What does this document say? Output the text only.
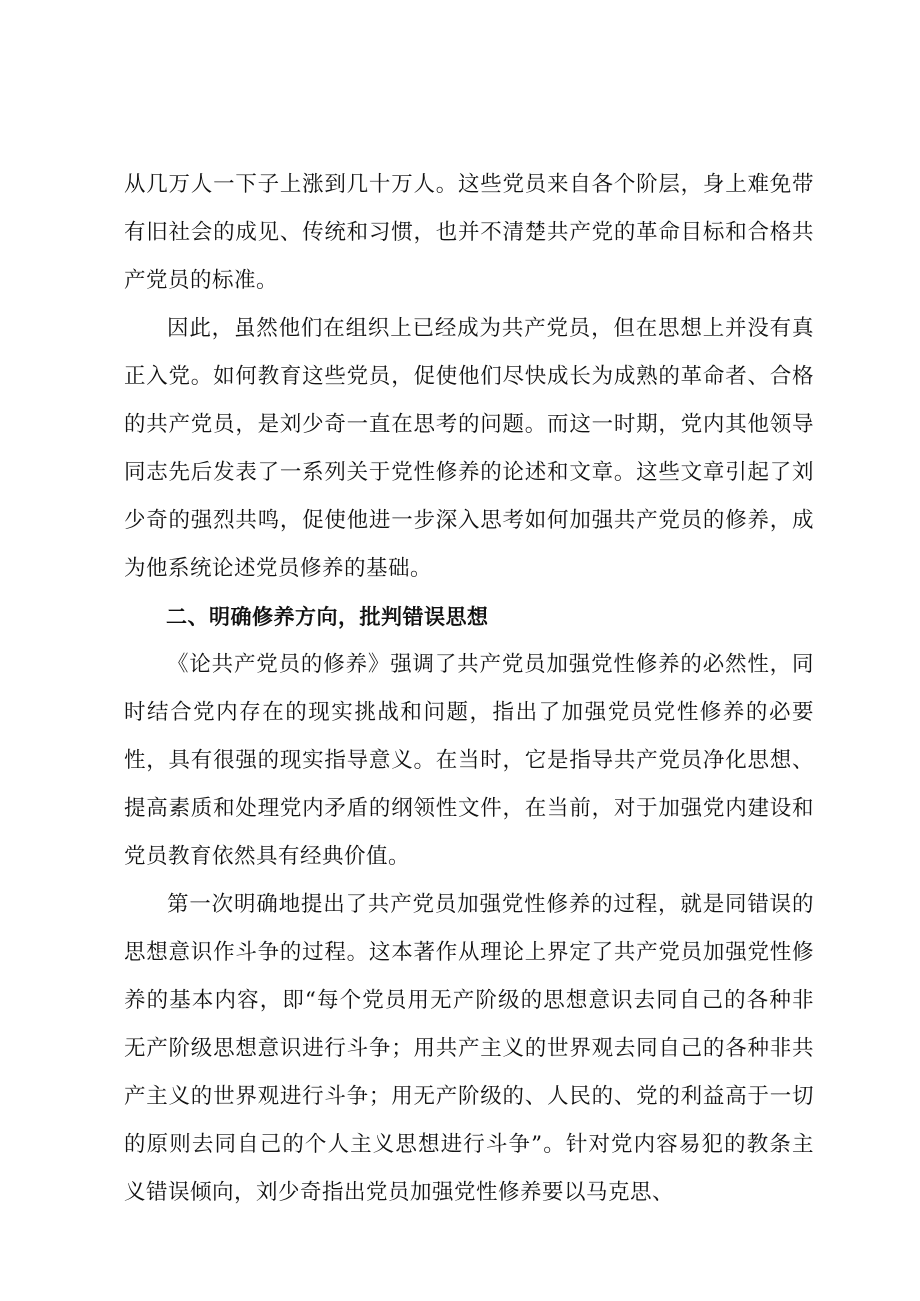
从几万人一下子上涨到几十万人。这些党员来自各个阶层，身上难免带有旧社会的成见、传统和习惯，也并不清楚共产党的革命目标和合格共产党员的标准。

因此，虽然他们在组织上已经成为共产党员，但在思想上并没有真正入党。如何教育这些党员，促使他们尽快成长为成熟的革命者、合格的共产党员，是刘少奇一直在思考的问题。而这一时期，党内其他领导同志先后发表了一系列关于党性修养的论述和文章。这些文章引起了刘少奇的强烈共鸣，促使他进一步深入思考如何加强共产党员的修养，成为他系统论述党员修养的基础。

二、明确修养方向，批判错误思想

《论共产党员的修养》强调了共产党员加强党性修养的必然性，同时结合党内存在的现实挑战和问题，指出了加强党员党性修养的必要性，具有很强的现实指导意义。在当时，它是指导共产党员净化思想、提高素质和处理党内矛盾的纲领性文件，在当前，对于加强党内建设和党员教育依然具有经典价值。

第一次明确地提出了共产党员加强党性修养的过程，就是同错误的思想意识作斗争的过程。这本著作从理论上界定了共产党员加强党性修养的基本内容，即“每个党员用无产阶级的思想意识去同自己的各种非无产阶级思想意识进行斗争；用共产主义的世界观去同自己的各种非共产主义的世界观进行斗争；用无产阶级的、人民的、党的利益高于一切的原则去同自己的个人主义思想进行斗争”。针对党内容易犯的教条主义错误倾向，刘少奇指出党员加强党性修养要以马克思、
